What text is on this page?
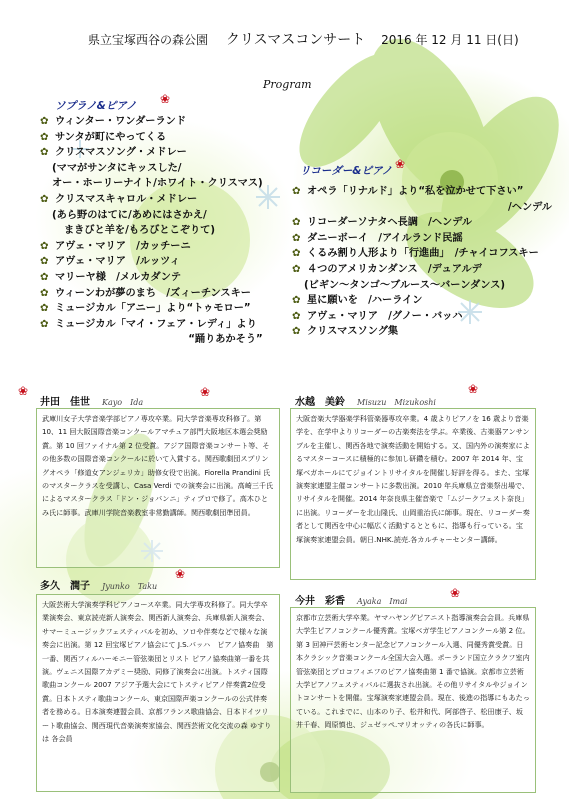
県立宝塚西谷の森公園 クリスマスコンサート 2016 年 12 月 11 日(日)
Program
ソプラノ&ピアノ ❀
✿ ウィンター・ワンダーランド
✿ サンタが町にやってくる
✿ クリスマスソング・メドレー
(ママがサンタにキッスした/
オー・ホーリーナイト/ホワイト・クリスマス)
✿ クリスマスキャロル・メドレー
(あら野のはてに/あめにはさかえ/
まきびと羊を/もろびとこぞりて)
✿ アヴェ・マリア　/カッチーニ
✿ アヴェ・マリア　/ルッツィ
✿ マリーヤ様　/メルカダンテ
✿ ウィーンわが夢のまち　/ズィーチンスキー
✿ ミュージカル「アニー」より“トゥモロー”
✿ ミュージカル「マイ・フェア・レディ」より
“踊りあかそう”
リコーダー&ピアノ ❀
✿ オペラ「リナルド」より“私を泣かせて下さい”
/ヘンデル
✿ リコーダーソナタヘ長調　/ヘンデル
✿ ダニーボーイ　/アイルランド民謡
✿ くるみ割り人形より「行進曲」　/チャイコフスキー
✿ ４つのアメリカンダンス　/デュアルデ
(ビギン〜タンゴ〜ブルース〜バーンダンス)
✿ 星に願いを　/ハーライン
✿ アヴェ・マリア　/グノー・バッハ
✿ クリスマスソング集
井田　佳世 Kayo　Ida
❀	❀
武庫川女子大学音楽学部ピアノ専攻卒業。同大学音楽専攻科修了。第 10、11 回大阪国際音楽コンクールアマチュア部門大阪地区本選会奨励賞。第 10 回ファイナル第 2 位受賞。アジア国際音楽コンサート等、その他多数の国際音楽コンクールに於いて入賞する。関西歌劇団スプリングオペラ「修道女アンジェリカ」助修女役で出演。Fiorella Prandini 氏のマスタークラスを受講し、Casa Verdi での演奏会に出演。高崎三千氏によるマスタークラス「ドン・ジョバンニ」ティプロで修了。高木ひとみ氏に師事。武庫川学院音楽教室非常勤講師。関西歌劇団準団員。
多久　潤子 Jyunko　Taku
❀
大阪芸術大学演奏学科ピアノコース卒業。同大学専攻科修了。同大学卒業演奏会、東京読売新人演奏会、関西新人演奏会、兵庫県新人演奏会、サマーミュージックフェスティバルを初め、ソロや伴奏などで様々な演奏会に出演。第 12 回宝塚ピアノ協会にて J.S.バッハ　ピアノ協奏曲　第一番、関西フィルハーモニー管弦楽団とリスト ピアノ協奏曲第一番を共演。ヴェニス国際アカデミー奨励、同修了演奏会に出演。トスティ国際歌曲コンクール 2007 アジア予選大会にてトスティピアノ伴奏賞2位受賞。日本トスティ歌曲コンクール、東京国際声楽コンクールの公式伴奏者を務める。日本演奏連盟会員、京都フランス歌曲協会、日本ドイツリート歌曲協会、関西現代音楽演奏家協会、関西芸術文化交流の森 ゆすりは 各会員
水越　美鈴 Misuzu　Mizukoshi
❀
大阪音楽大学器楽学科管楽器専攻卒業。4 歳よりピアノを 16 歳より音楽学を、在学中よりリコーダーの古楽奏法を学ぶ。卒業後、古楽器アンサンブルを主催し、関西各地で演奏活動を開始する。又、国内外の演奏家によるマスターコースに積極的に参加し研鑽を積む。2007 年 2014 年、宝塚ベガホールにてジョイントリサイタルを開催し好評を得る。また、宝塚演奏家連盟主催コンサートに多数出演。2010 年兵庫県立音楽祭出場で、リサイタルを開催。2014 年奈良県主催音楽で「ムジークフェスト奈良」に出演。リコーダーを北山隆氏、山岡重治氏に師事。現在、リコーダー奏者として関西を中心に幅広く活動するとともに、指導も行っている。宝塚演奏家連盟会員。朝日.NHK.読売.各カルチャーセンター講師。
今井　彩香 Ayaka　Imai
❀
京都市立芸術大学卒業。ヤマハヤングピアニスト指導演奏会会員。兵庫県大学生ピアノコンクール優秀賞。宝塚ベガ学生ピアノコンクール第 2 位。第 3 回神戸芸術センター記念ピアノコンクール入選、同優秀賞受賞。日本クラシック音楽コンクール全国大会入選。ポーランド国立クラクフ室内管弦楽団とプロコフィエフのピアノ協奏曲第 1 番で協演。京都市立芸術大学ピアノフェスティバルに選抜され出演。その他リサイタルやジョイントコンサートを開催。宝塚演奏家連盟会員。現在、後進の指導にもあたっている。これまでに、山本のり子、松井和代、阿部啓子、松田康子、坂井千春、岡原慎也、ジュゼッペ.マリオッティの各氏に師事。
